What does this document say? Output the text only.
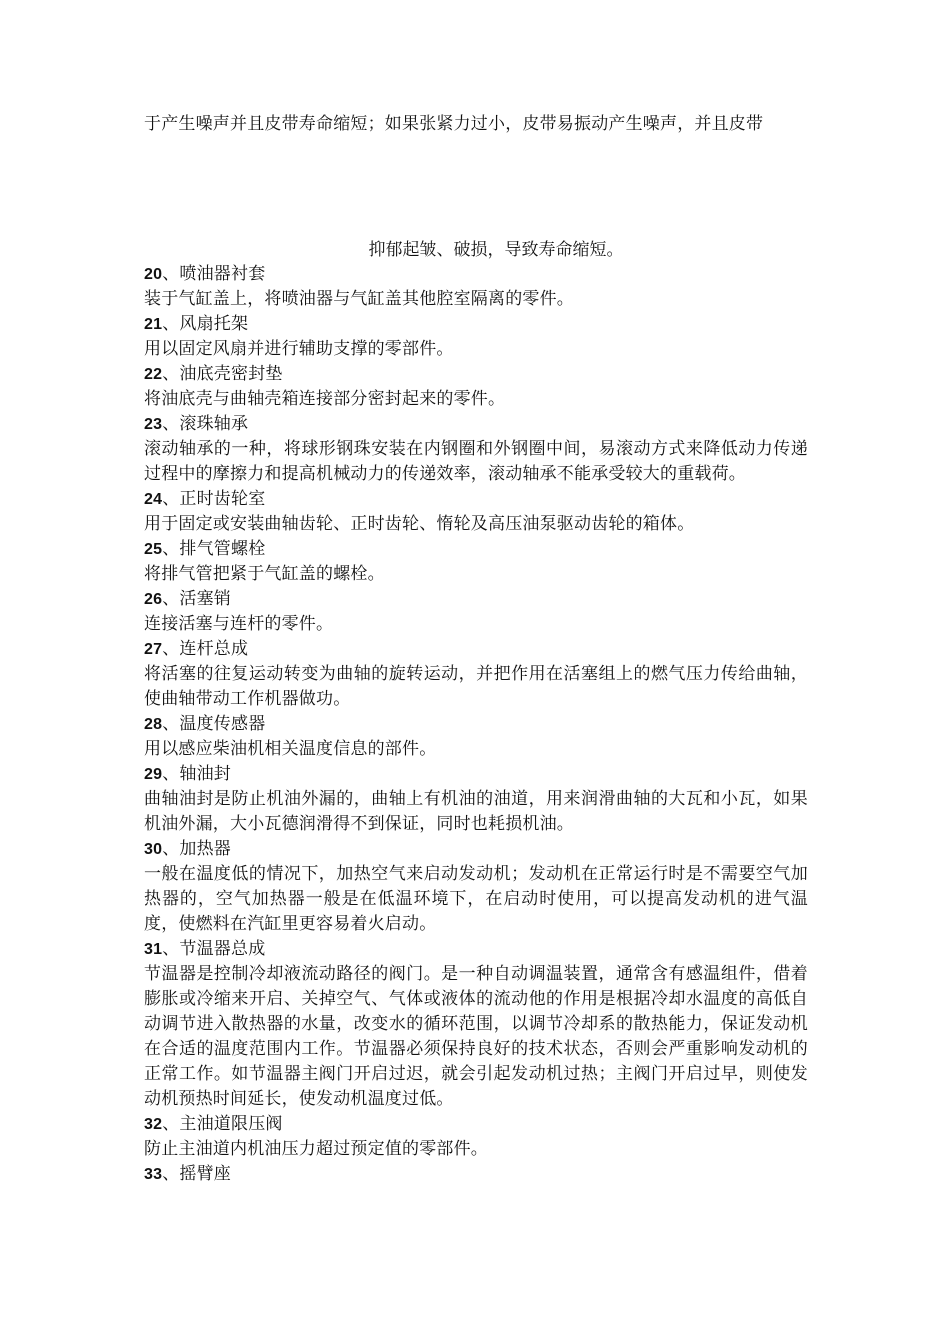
于产生噪声并且皮带寿命缩短；如果张紧力过小，皮带易振动产生噪声，并且皮带
抑郁起皱、破损，导致寿命缩短。
20、喷油器衬套
装于气缸盖上，将喷油器与气缸盖其他腔室隔离的零件。
21、风扇托架
用以固定风扇并进行辅助支撑的零部件。
22、油底壳密封垫
将油底壳与曲轴壳箱连接部分密封起来的零件。
23、滚珠轴承
滚动轴承的一种，将球形钢珠安装在内钢圈和外钢圈中间，易滚动方式来降低动力传递过程中的摩擦力和提高机械动力的传递效率，滚动轴承不能承受较大的重载荷。
24、正时齿轮室
用于固定或安装曲轴齿轮、正时齿轮、惰轮及高压油泵驱动齿轮的箱体。
25、排气管螺栓
将排气管把紧于气缸盖的螺栓。
26、活塞销
连接活塞与连杆的零件。
27、连杆总成
将活塞的往复运动转变为曲轴的旋转运动，并把作用在活塞组上的燃气压力传给曲轴，使曲轴带动工作机器做功。
28、温度传感器
用以感应柴油机相关温度信息的部件。
29、轴油封
曲轴油封是防止机油外漏的，曲轴上有机油的油道，用来润滑曲轴的大瓦和小瓦，如果机油外漏，大小瓦德润滑得不到保证，同时也耗损机油。
30、加热器
一般在温度低的情况下，加热空气来启动发动机；发动机在正常运行时是不需要空气加热器的，空气加热器一般是在低温环境下，在启动时使用，可以提高发动机的进气温度，使燃料在汽缸里更容易着火启动。
31、节温器总成
节温器是控制冷却液流动路径的阀门。是一种自动调温装置，通常含有感温组件，借着膨胀或冷缩来开启、关掉空气、气体或液体的流动他的作用是根据冷却水温度的高低自动调节进入散热器的水量，改变水的循环范围，以调节冷却系的散热能力，保证发动机在合适的温度范围内工作。节温器必须保持良好的技术状态，否则会严重影响发动机的正常工作。如节温器主阀门开启过迟，就会引起发动机过热；主阀门开启过早，则使发动机预热时间延长，使发动机温度过低。
32、主油道限压阀
防止主油道内机油压力超过预定值的零部件。
33、摇臂座
